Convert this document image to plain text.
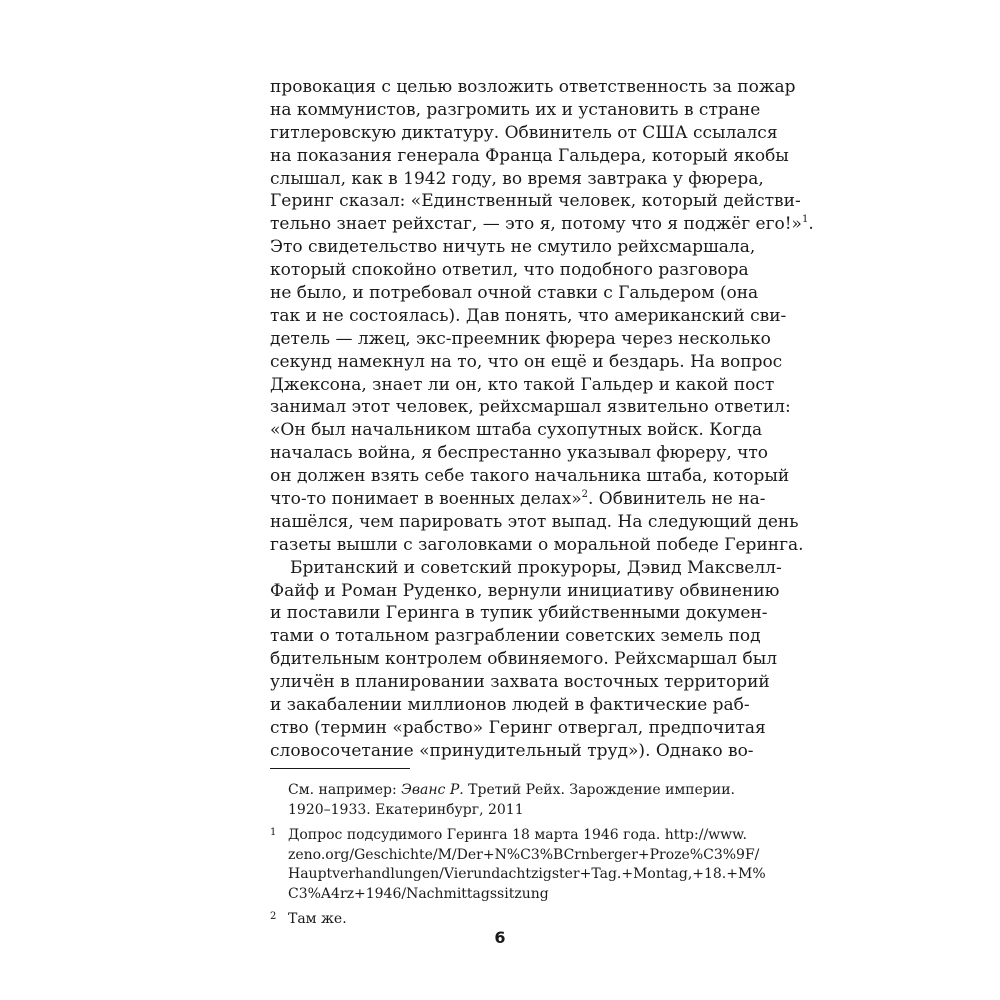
провокация с целью возложить ответственность за пожар
на коммунистов, разгромить их и установить в стране
гитлеровскую диктатуру. Обвинитель от США ссылался
на показания генерала Франца Гальдера, который якобы
слышал, как в 1942 году, во время завтрака у фюрера,
Геринг сказал: «Единственный человек, который действи-
тельно знает рейхстаг, — это я, потому что я поджёг его!»$^1$.
Это свидетельство ничуть не смутило рейхсмаршала,
который спокойно ответил, что подобного разговора
не было, и потребовал очной ставки с Гальдером (она
так и не состоялась). Дав понять, что американский сви-
детель — лжец, экс-преемник фюрера через несколько
секунд намекнул на то, что он ещё и бездарь. На вопрос
Джексона, знает ли он, кто такой Гальдер и какой пост
занимал этот человек, рейхсмаршал язвительно ответил:
«Он был начальником штаба сухопутных войск. Когда
началась война, я беспрестанно указывал фюреру, что
он должен взять себе такого начальника штаба, который
что-то понимает в военных делах»$^2$. Обвинитель не на-
нашёлся, чем парировать этот выпад. На следующий день
газеты вышли с заголовками о моральной победе Геринга.
Британский и советский прокуроры, Дэвид Максвелл-
Файф и Роман Руденко, вернули инициативу обвинению
и поставили Геринга в тупик убийственными докумен-
тами о тотальном разграблении советских земель под
бдительным контролем обвиняемого. Рейхсмаршал был
уличён в планировании захвата восточных территорий
и закабалении миллионов людей в фактические раб-
ство (термин «рабство» Геринг отвергал, предпочитая
словосочетание «принудительный труд»). Однако во-
См. например: Эванс Р. Третий Рейх. Зарождение империи.
1920–1933. Екатеринбург, 2011
1 Допрос подсудимого Геринга 18 марта 1946 года. http://www.
zeno.org/Geschichte/M/Der+N%C3%BCrnberger+Proze%C3%9F/
Hauptverhandlungen/Vierundachtzigster+Tag.+Montag,+18.+M%
C3%A4rz+1946/Nachmittagssitzung
2 Там же.
6
